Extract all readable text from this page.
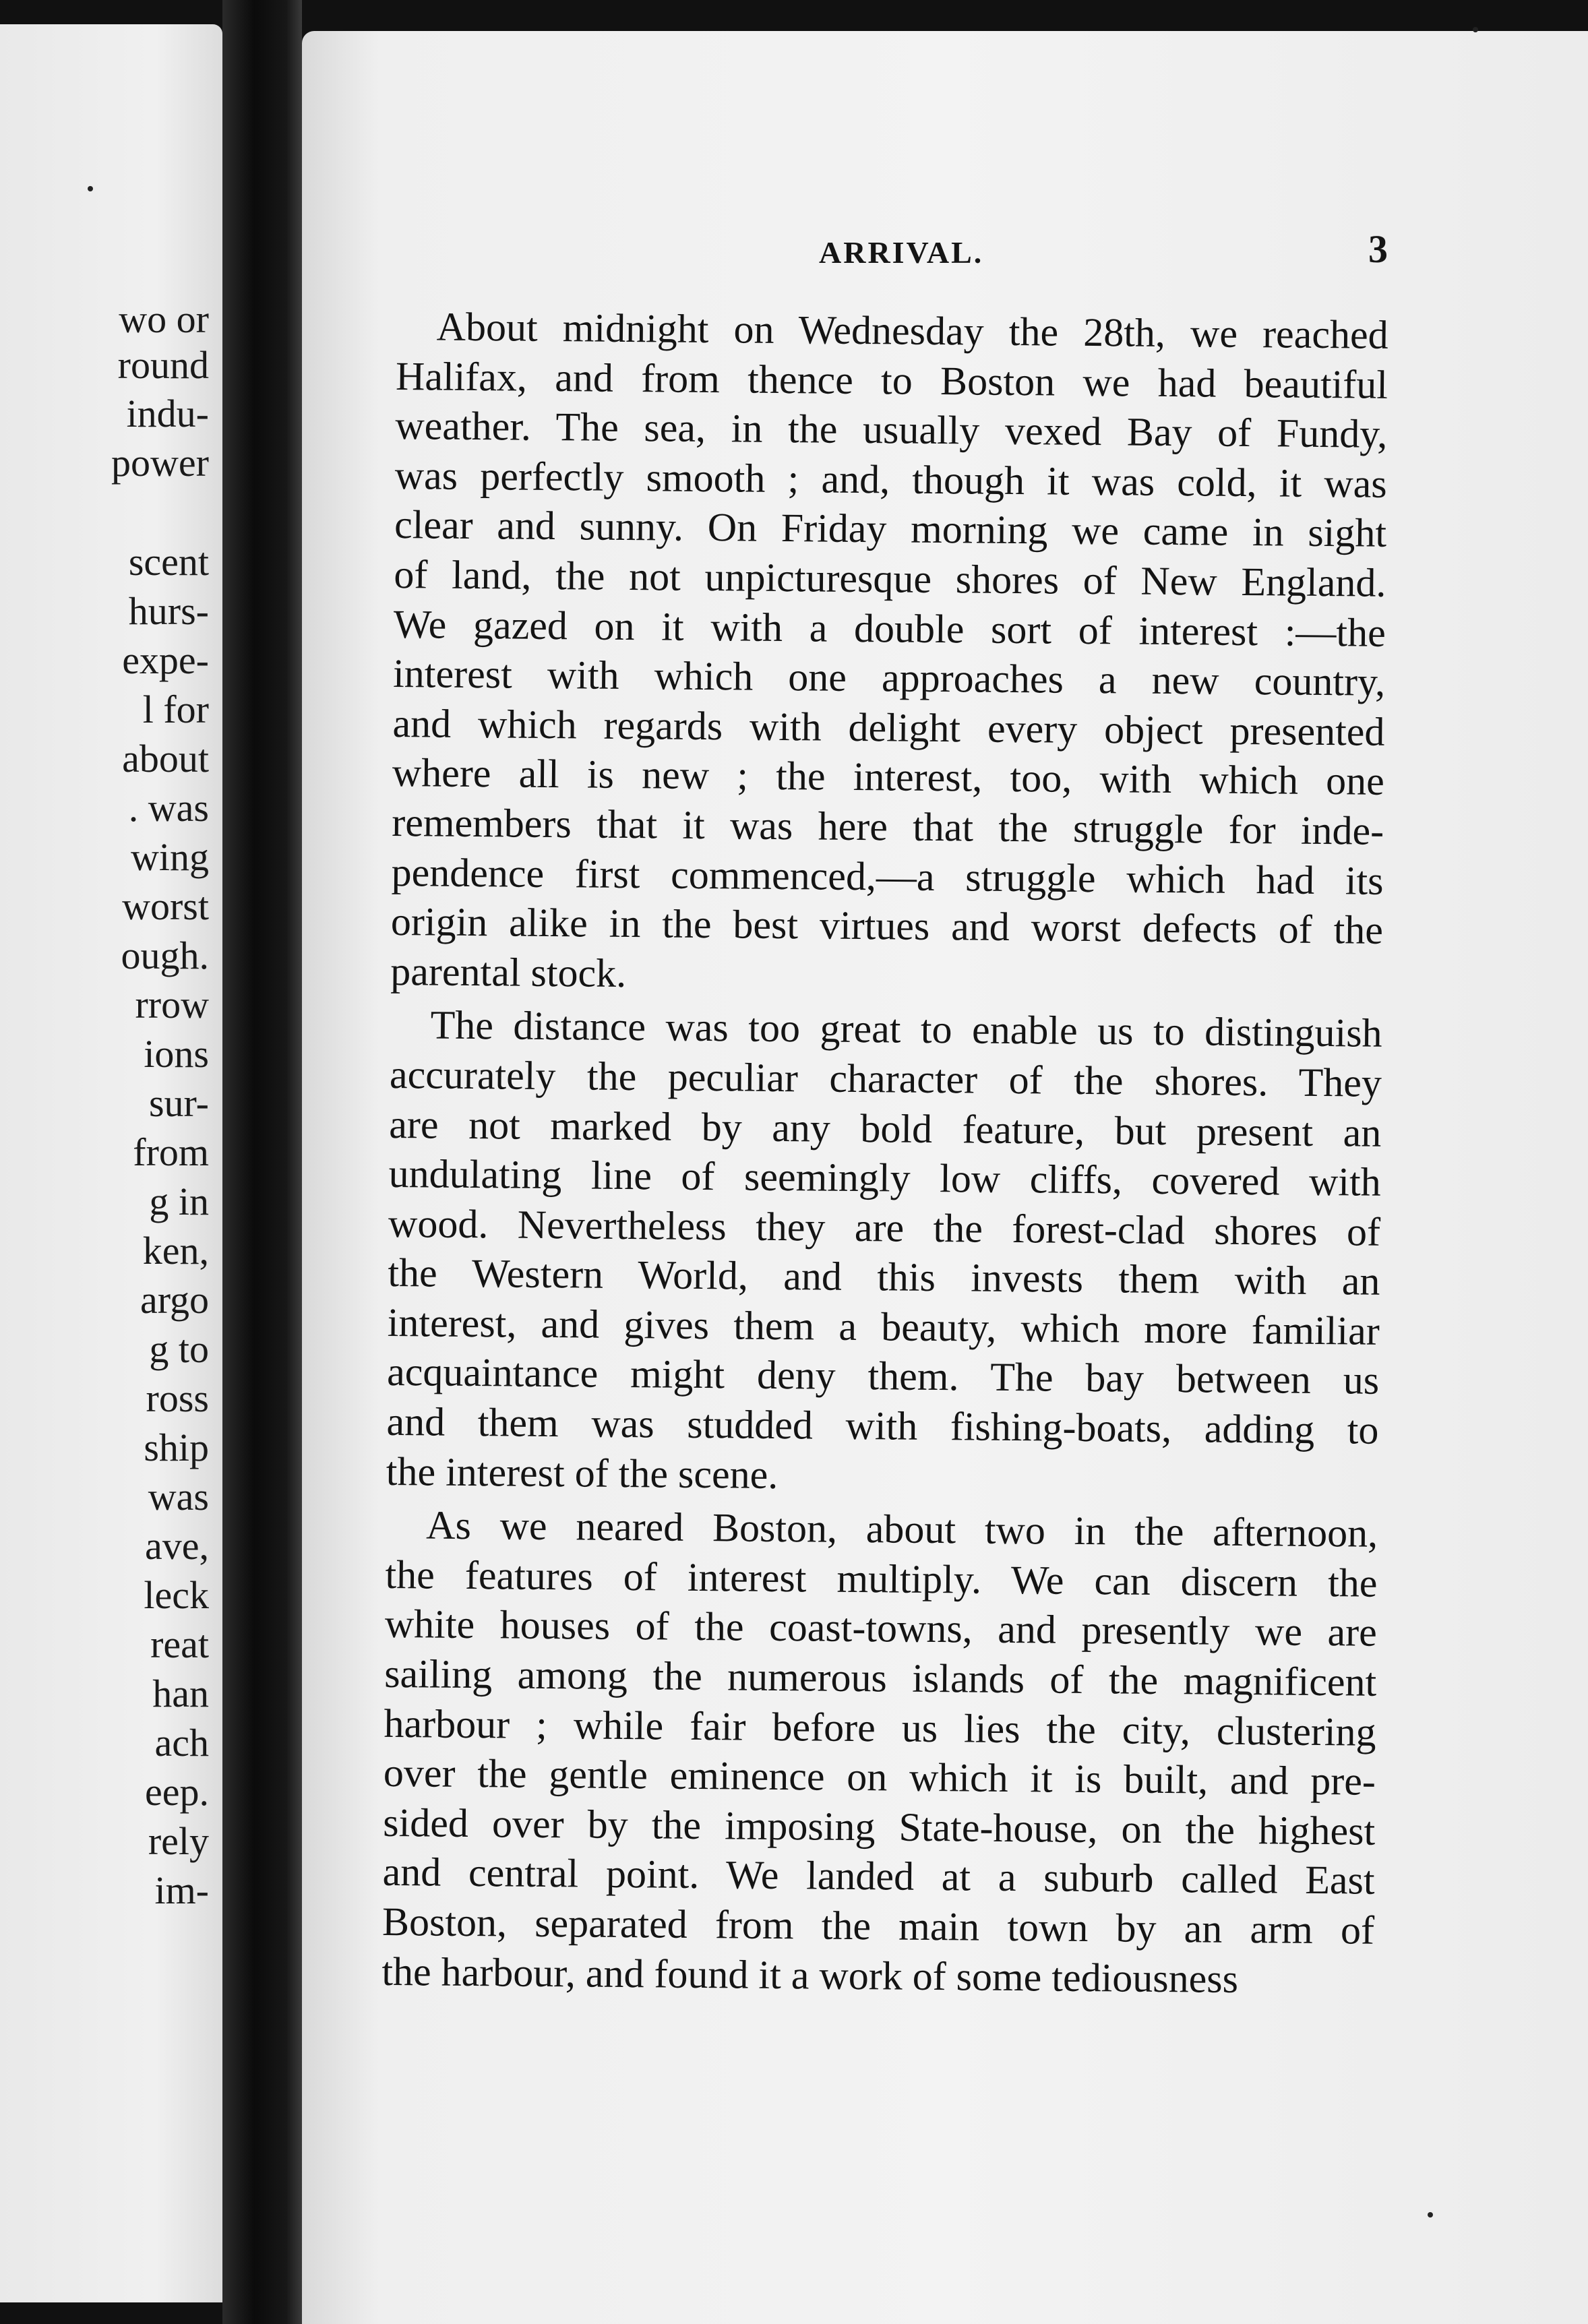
wo or
round
indu-
power
scent
hurs-
expe-
l for
about
. was
wing
worst
ough.
rrow
ions
sur-
from
g in
ken,
argo
g to
ross
ship
was
ave,
leck
reat
han
ach
eep.
rely
im-
ARRIVAL.	3
About midnight on Wednesday the 28th, we reached
Halifax, and from thence to Boston we had beautiful
weather. The sea, in the usually vexed Bay of Fundy,
was perfectly smooth ; and, though it was cold, it was
clear and sunny. On Friday morning we came in sight
of land, the not unpicturesque shores of New England.
We gazed on it with a double sort of interest :—the
interest with which one approaches a new country,
and which regards with delight every object presented
where all is new ; the interest, too, with which one
remembers that it was here that the struggle for inde-
pendence first commenced,—a struggle which had its
origin alike in the best virtues and worst defects of the
parental stock.
The distance was too great to enable us to distinguish
accurately the peculiar character of the shores. They
are not marked by any bold feature, but present an
undulating line of seemingly low cliffs, covered with
wood. Nevertheless they are the forest-clad shores of
the Western World, and this invests them with an
interest, and gives them a beauty, which more familiar
acquaintance might deny them. The bay between us
and them was studded with fishing-boats, adding to
the interest of the scene.
As we neared Boston, about two in the afternoon,
the features of interest multiply. We can discern the
white houses of the coast-towns, and presently we are
sailing among the numerous islands of the magnificent
harbour ; while fair before us lies the city, clustering
over the gentle eminence on which it is built, and pre-
sided over by the imposing State-house, on the highest
and central point. We landed at a suburb called East
Boston, separated from the main town by an arm of
the harbour, and found it a work of some tediousness
